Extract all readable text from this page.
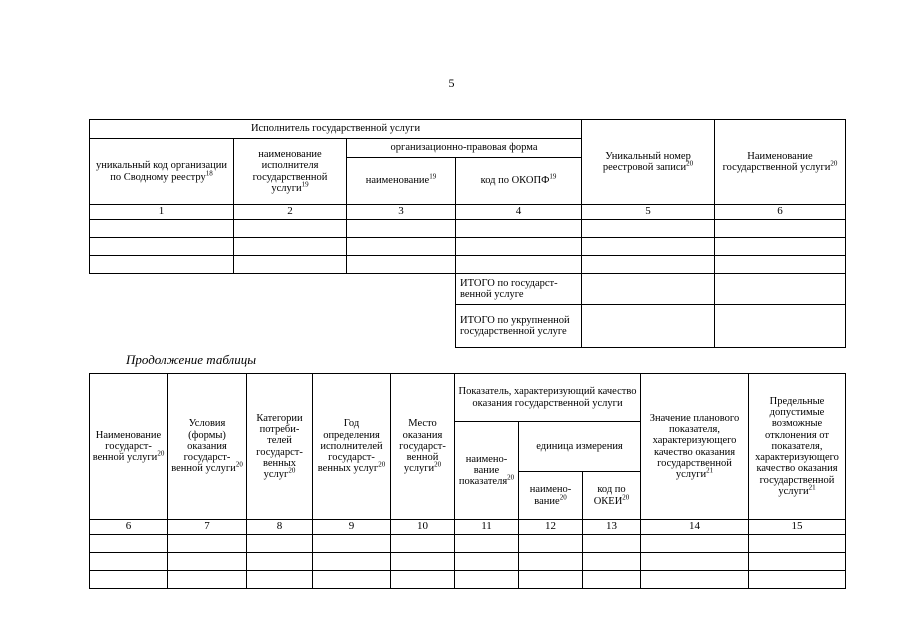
5
Исполнитель государственной услуги				Уникальный номер реестровой записи$^{20}$	Наименование государственной услуги$^{20}$
уникальный код организации по Сводному реестру$^{18}$	наименование исполнителя государственной услуги$^{19}$	организационно-правовая форма			
		наименование$^{19}$	код по ОКОПФ$^{19}$
1	2	3	4	5	6

			ИТОГО по государственной услуге		
			ИТОГО по укрупненной государственной услуге		
Продолжение таблицы
Наименование государственной услуги$^{20}$	Условия (формы) оказания государственной услуги$^{20}$	Категории потребителей государственных услуг$^{20}$	Год определения исполнителей государственных услуг$^{20}$	Место оказания государственной услуги$^{20}$	Показатель, характеризующий качество оказания государственной услуги			Значение планового показателя, характеризующего качество оказания государственной услуги$^{21}$	Предельные допустимые возможные отклонения от показателя, характеризующего качество оказания государственной услуги$^{21}$
					наименование показателя$^{20}$	единица измерения			
						наименование$^{20}$	код по ОКЕИ$^{20}$
6	7	8	9	10	11	12	13	14	15
